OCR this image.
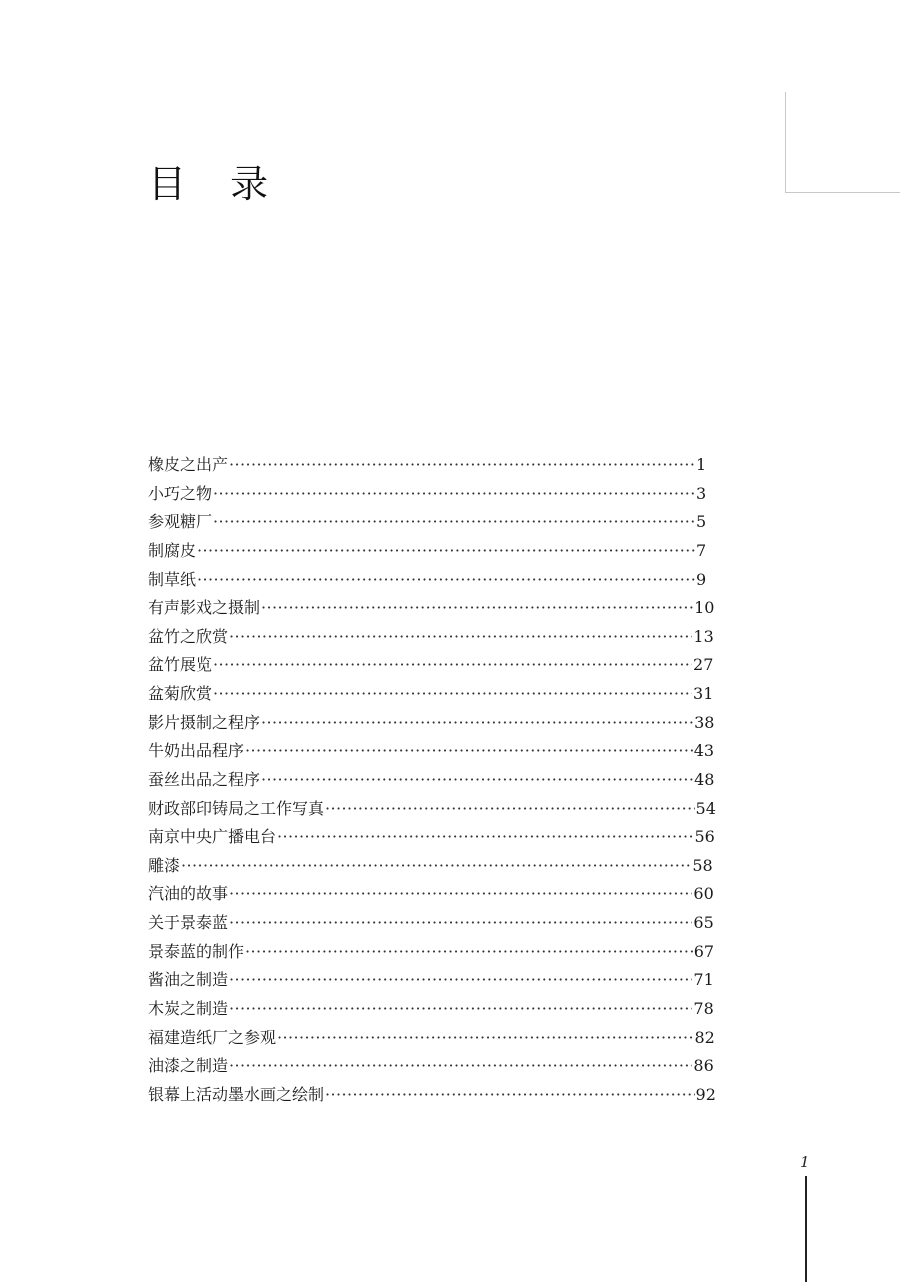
目 录
橡皮之出产 ·····	1
小巧之物 ·····	3
参观糖厂 ·····	5
制腐皮 ·····	7
制草纸 ·····	9
有声影戏之摄制 ·····	10
盆竹之欣赏 ·····	13
盆竹展览 ·····	27
盆菊欣赏 ·····	31
影片摄制之程序 ·····	38
牛奶出品程序 ·····	43
蚕丝出品之程序 ·····	48
财政部印铸局之工作写真 ·····	54
南京中央广播电台 ·····	56
雕漆 ·····	58
汽油的故事 ·····	60
关于景泰蓝 ·····	65
景泰蓝的制作 ·····	67
酱油之制造 ·····	71
木炭之制造 ·····	78
福建造纸厂之参观 ·····	82
油漆之制造 ·····	86
银幕上活动墨水画之绘制 ·····	92
1
